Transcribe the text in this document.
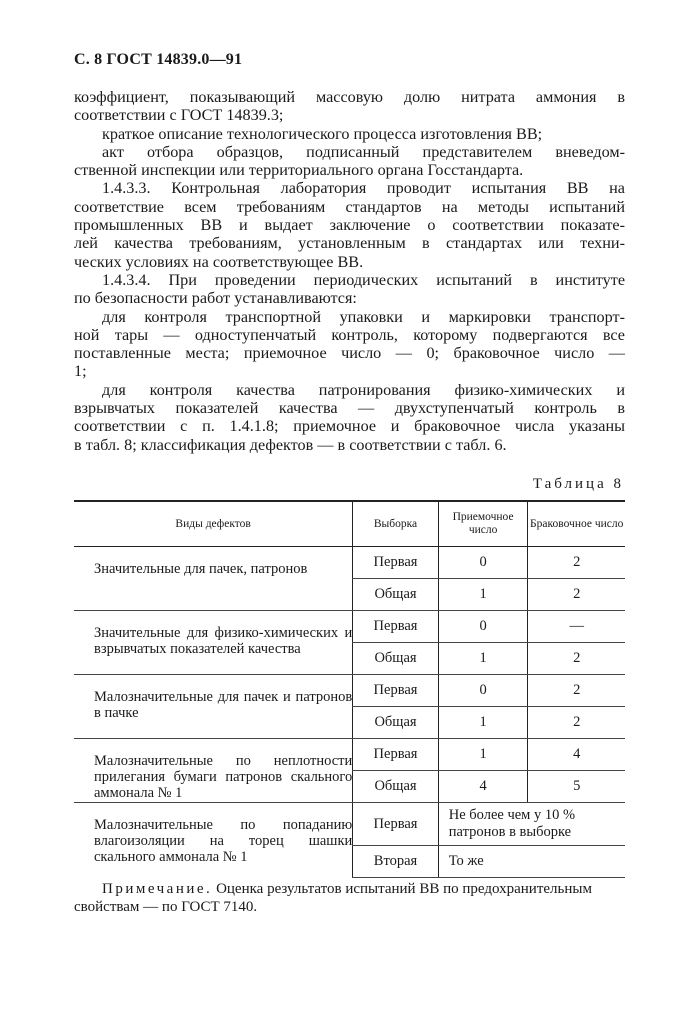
С. 8 ГОСТ 14839.0—91
коэффициент, показывающий массовую долю нитрата аммония в
соответствии с ГОСТ 14839.3;
краткое описание технологического процесса изготовления ВВ;
акт отбора образцов, подписанный представителем вневедом-
ственной инспекции или территориального органа Госстандарта.
1.4.3.3. Контрольная лаборатория проводит испытания ВВ на
соответствие всем требованиям стандартов на методы испытаний
промышленных ВВ и выдает заключение о соответствии показате-
лей качества требованиям, установленным в стандартах или техни-
ческих условиях на соответствующее ВВ.
1.4.3.4. При проведении периодических испытаний в институте
по безопасности работ устанавливаются:
для контроля транспортной упаковки и маркировки транспорт-
ной тары — одноступенчатый контроль, которому подвергаются все
поставленные места; приемочное число — 0; браковочное число —
1;
для контроля качества патронирования физико-химических и
взрывчатых показателей качества — двухступенчатый контроль в
соответствии с п. 1.4.1.8; приемочное и браковочное числа указаны
в табл. 8; классификация дефектов — в соответствии с табл. 6.
Таблица 8
Виды дефектов	Выборка	Приемочное число	Браковочное число

Значительные для пачек, патронов	Первая	0	2
	Общая	1	2

Значительные для физико-химических и взрывчатых показателей качества	Первая	0	—
	Общая	1	2

Малозначительные для пачек и патронов в пачке	Первая	0	2
	Общая	1	2

Малозначительные по неплотности прилегания бумаги патронов скального аммонала № 1	Первая	1	4
	Общая	4	5

Малозначительные по попаданию влагоизоляции на торец шашки скального аммонала № 1	Первая	Не более чем у 10 % патронов в выборке	
	Вторая	То же	
Примечание. Оценка результатов испытаний ВВ по предохранительным свойствам — по ГОСТ 7140.
